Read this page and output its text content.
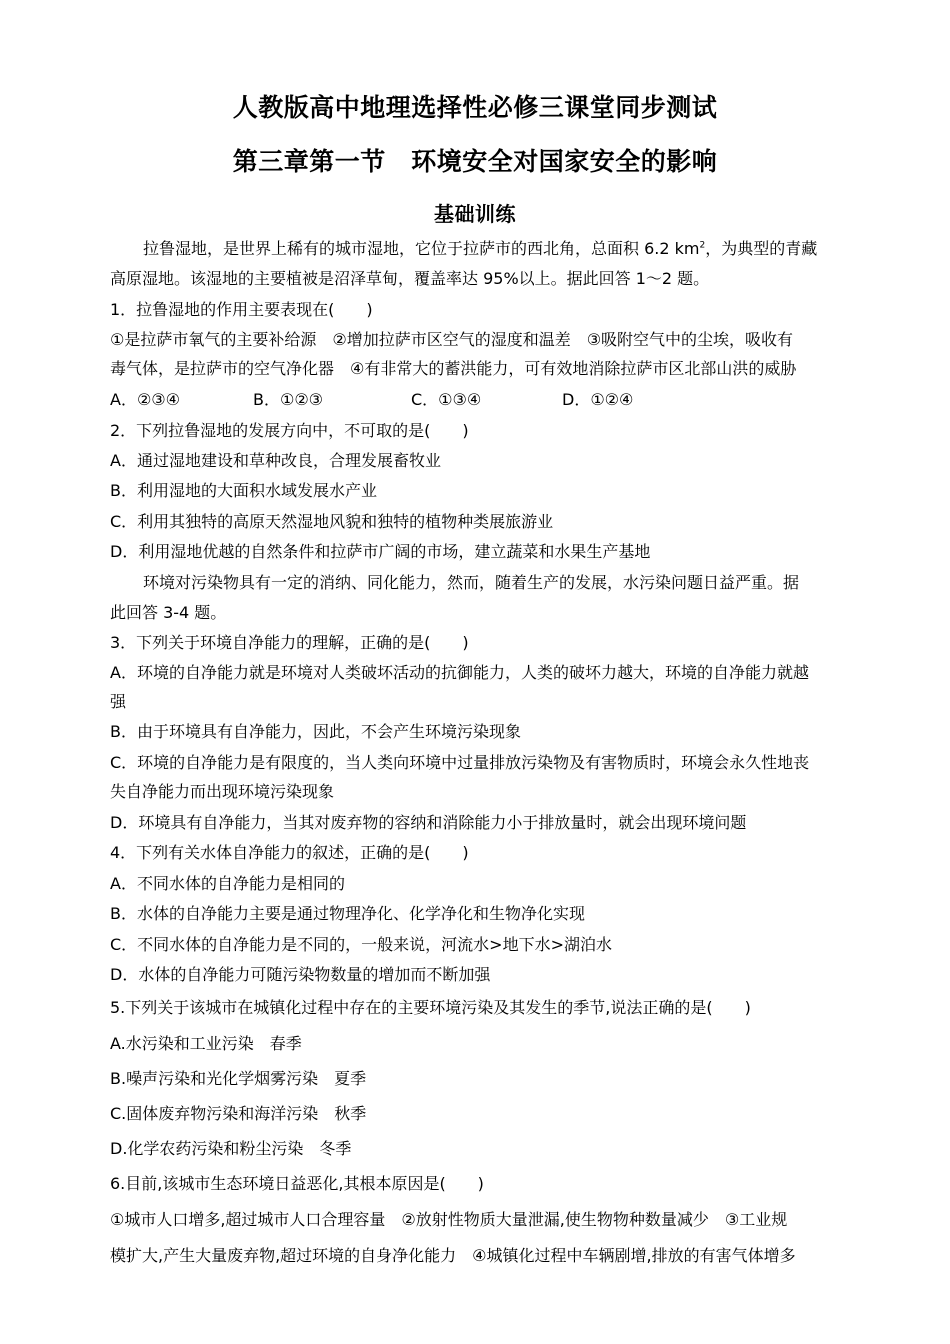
人教版高中地理选择性必修三课堂同步测试
第三章第一节　环境安全对国家安全的影响
基础训练
拉鲁湿地，是世界上稀有的城市湿地，它位于拉萨市的西北角，总面积 6.2 $km^2$，为典型的青藏
高原湿地。该湿地的主要植被是沼泽草甸，覆盖率达 95%以上。据此回答 1～2 题。
1．拉鲁湿地的作用主要表现在(　　)
①是拉萨市氧气的主要补给源　②增加拉萨市区空气的湿度和温差　③吸附空气中的尘埃，吸收有
毒气体，是拉萨市的空气净化器　④有非常大的蓄洪能力，可有效地消除拉萨市区北部山洪的威胁
A．②③④	B．①②③	C．①③④	D．①②④
2．下列拉鲁湿地的发展方向中，不可取的是(　　)
A．通过湿地建设和草种改良，合理发展畜牧业
B．利用湿地的大面积水域发展水产业
C．利用其独特的高原天然湿地风貌和独特的植物种类展旅游业
D．利用湿地优越的自然条件和拉萨市广阔的市场，建立蔬菜和水果生产基地
环境对污染物具有一定的消纳、同化能力，然而，随着生产的发展，水污染问题日益严重。据
此回答 3-4 题。
3．下列关于环境自净能力的理解，正确的是(　　)
A．环境的自净能力就是环境对人类破坏活动的抗御能力，人类的破坏力越大，环境的自净能力就越
强
B．由于环境具有自净能力，因此，不会产生环境污染现象
C．环境的自净能力是有限度的，当人类向环境中过量排放污染物及有害物质时，环境会永久性地丧
失自净能力而出现环境污染现象
D．环境具有自净能力，当其对废弃物的容纳和消除能力小于排放量时，就会出现环境问题
4．下列有关水体自净能力的叙述，正确的是(　　)
A．不同水体的自净能力是相同的
B．水体的自净能力主要是通过物理净化、化学净化和生物净化实现
C．不同水体的自净能力是不同的，一般来说，河流水>地下水>湖泊水
D．水体的自净能力可随污染物数量的增加而不断加强
5.下列关于该城市在城镇化过程中存在的主要环境污染及其发生的季节,说法正确的是(　　)
A.水污染和工业污染　春季
B.噪声污染和光化学烟雾污染　夏季
C.固体废弃物污染和海洋污染　秋季
D.化学农药污染和粉尘污染　冬季
6.目前,该城市生态环境日益恶化,其根本原因是(　　)
①城市人口增多,超过城市人口合理容量　②放射性物质大量泄漏,使生物物种数量减少　③工业规
模扩大,产生大量废弃物,超过环境的自身净化能力　④城镇化过程中车辆剧增,排放的有害气体增多
